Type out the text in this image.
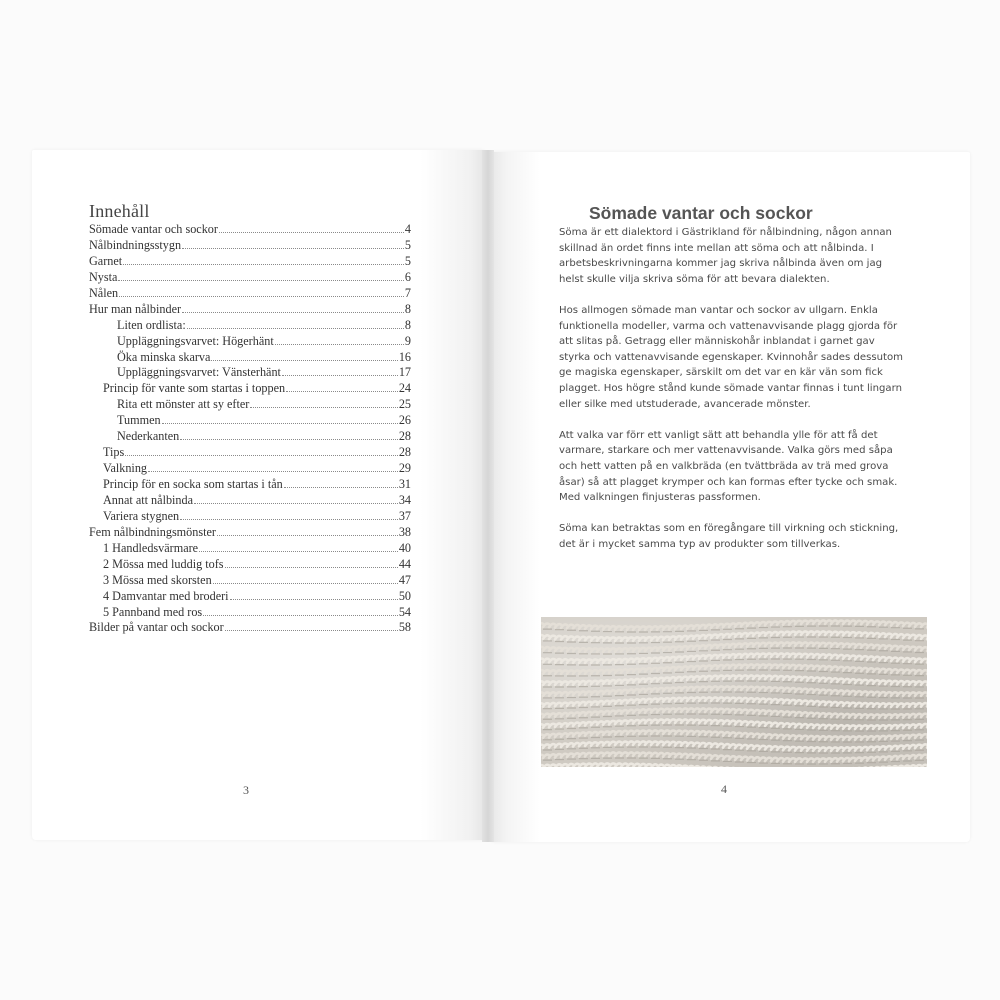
Innehåll
Sömade vantar och sockor	4
Nålbindningsstygn	5
Garnet	5
Nysta	6
Nålen	7
Hur man nålbinder	8
Liten ordlista:	8
Uppläggningsvarvet: Högerhänt	9
Öka minska skarva	16
Uppläggningsvarvet: Vänsterhänt	17
Princip för vante som startas i toppen	24
Rita ett mönster att sy efter	25
Tummen	26
Nederkanten	28
Tips	28
Valkning	29
Princip för en socka som startas i tån	31
Annat att nålbinda	34
Variera stygnen	37
Fem nålbindningsmönster	38
1 Handledsvärmare	40
2 Mössa med luddig tofs	44
3 Mössa med skorsten	47
4 Damvantar med broderi	50
5 Pannband med ros	54
Bilder på vantar och sockor	58
3
Sömade vantar och sockor

Söma är ett dialektord i Gästrikland för nålbindning, någon annan skillnad än ordet finns inte mellan att söma och att nålbinda. I arbetsbeskrivningarna kommer jag skriva nålbinda även om jag helst skulle vilja skriva söma för att bevara dialekten.

Hos allmogen sömade man vantar och sockor av ullgarn. Enkla funktionella modeller, varma och vattenavvisande plagg gjorda för att slitas på. Getragg eller människohår inblandat i garnet gav styrka och vattenavvisande egenskaper. Kvinnohår sades dessutom ge magiska egenskaper, särskilt om det var en kär vän som fick plagget. Hos högre stånd kunde sömade vantar finnas i tunt lingarn eller silke med utstuderade, avancerade mönster.

Att valka var förr ett vanligt sätt att behandla ylle för att få det varmare, starkare och mer vattenavvisande. Valka görs med såpa och hett vatten på en valkbräda (en tvättbräda av trä med grova åsar) så att plagget krymper och kan formas efter tycke och smak. Med valkningen finjusteras passformen.

Söma kan betraktas som en föregångare till virkning och stickning, det är i mycket samma typ av produkter som tillverkas.

4
